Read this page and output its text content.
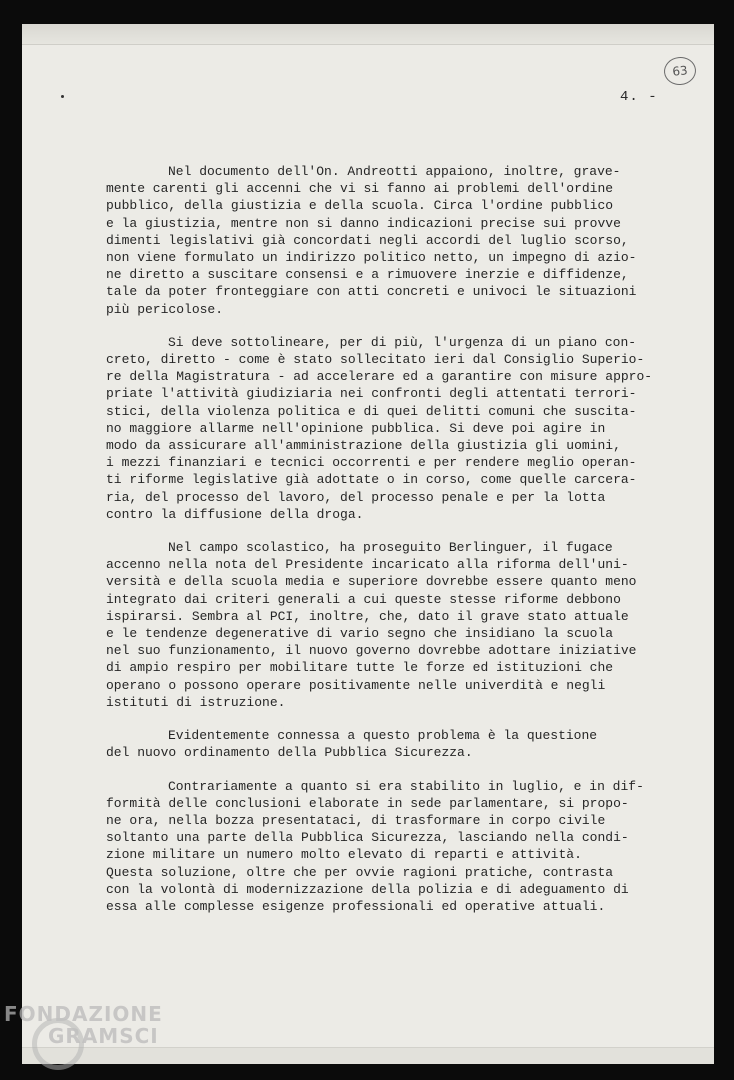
63
4. -
Nel documento dell'On. Andreotti appaiono, inoltre, grave-
mente carenti gli accenni che vi si fanno ai problemi dell'ordine
pubblico, della giustizia e della scuola. Circa l'ordine pubblico
e la giustizia, mentre non si danno indicazioni precise sui provve
dimenti legislativi già concordati negli accordi del luglio scorso,
non viene formulato un indirizzo politico netto, un impegno di azio-
ne diretto a suscitare consensi e a rimuovere inerzie e diffidenze,
tale da poter fronteggiare con atti concreti e univoci le situazioni
più pericolose.
Si deve sottolineare, per di più, l'urgenza di un piano con-
creto, diretto - come è stato sollecitato ieri dal Consiglio Superio-
re della Magistratura - ad accelerare ed a garantire con misure appro-
priate l'attività giudiziaria nei confronti degli attentati terrori-
stici, della violenza politica e di quei delitti comuni che suscita-
no maggiore allarme nell'opinione pubblica. Si deve poi agire in
modo da assicurare all'amministrazione della giustizia gli uomini,
i mezzi finanziari e tecnici occorrenti e per rendere meglio operan-
ti riforme legislative già adottate o in corso, come quelle carcera-
ria, del processo del lavoro, del processo penale e per la lotta
contro la diffusione della droga.
Nel campo scolastico, ha proseguito Berlinguer, il fugace
accenno nella nota del Presidente incaricato alla riforma dell'uni-
versità e della scuola media e superiore dovrebbe essere quanto meno
integrato dai criteri generali a cui queste stesse riforme debbono
ispirarsi. Sembra al PCI, inoltre, che, dato il grave stato attuale
e le tendenze degenerative di vario segno che insidiano la scuola
nel suo funzionamento, il nuovo governo dovrebbe adottare iniziative
di ampio respiro per mobilitare tutte le forze ed istituzioni che
operano o possono operare positivamente nelle univerdità e negli
istituti di istruzione.
Evidentemente connessa a questo problema è la questione
del nuovo ordinamento della Pubblica Sicurezza.
Contrariamente a quanto si era stabilito in luglio, e in dif-
formità delle conclusioni elaborate in sede parlamentare, si propo-
ne ora, nella bozza presentataci, di trasformare in corpo civile
soltanto una parte della Pubblica Sicurezza, lasciando nella condi-
zione militare un numero molto elevato di reparti e attività.
Questa soluzione, oltre che per ovvie ragioni pratiche, contrasta
con la volontà di modernizzazione della polizia e di adeguamento di
essa alle complesse esigenze professionali ed operative attuali.
FONDAZIONE
GRAMSCI
